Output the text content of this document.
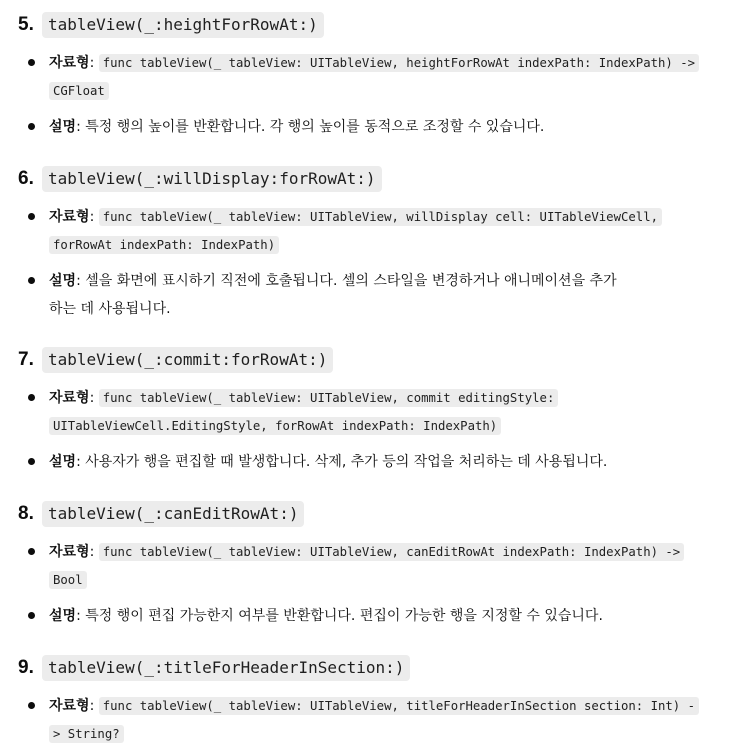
5. tableView(_:heightForRowAt:)
자료형: func tableView(_ tableView: UITableView, heightForRowAt indexPath: IndexPath) ->
CGFloat
설명: 특정 행의 높이를 반환합니다. 각 행의 높이를 동적으로 조정할 수 있습니다.
6. tableView(_:willDisplay:forRowAt:)
자료형: func tableView(_ tableView: UITableView, willDisplay cell: UITableViewCell,
forRowAt indexPath: IndexPath)
설명: 셀을 화면에 표시하기 직전에 호출됩니다. 셀의 스타일을 변경하거나 애니메이션을 추가
하는 데 사용됩니다.
7. tableView(_:commit:forRowAt:)
자료형: func tableView(_ tableView: UITableView, commit editingStyle:
UITableViewCell.EditingStyle, forRowAt indexPath: IndexPath)
설명: 사용자가 행을 편집할 때 발생합니다. 삭제, 추가 등의 작업을 처리하는 데 사용됩니다.
8. tableView(_:canEditRowAt:)
자료형: func tableView(_ tableView: UITableView, canEditRowAt indexPath: IndexPath) ->
Bool
설명: 특정 행이 편집 가능한지 여부를 반환합니다. 편집이 가능한 행을 지정할 수 있습니다.
9. tableView(_:titleForHeaderInSection:)
자료형: func tableView(_ tableView: UITableView, titleForHeaderInSection section: Int) -
> String?
